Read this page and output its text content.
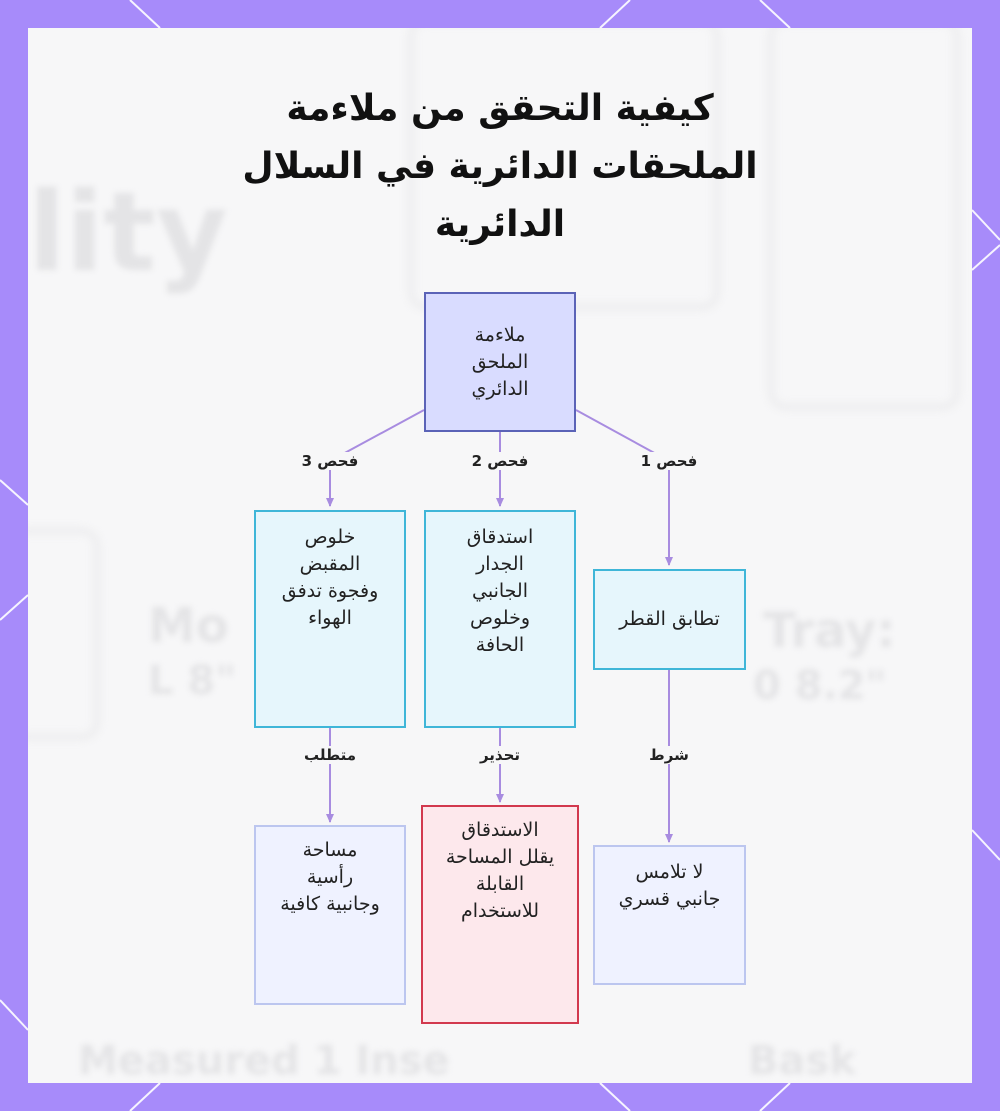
lity
Mo	Tray:
L 8"	0 8.2"
Measured 1 Inse	Bask
كيفية التحقق من ملاءمة
الملحقات الدائرية في السلال
الدائرية
ملاءمة الملحق الدائري
فحص 3	فحص 2	فحص 1
خلوص المقبض وفجوة تدفق الهواء
استدقاق الجدار الجانبي وخلوص الحافة
تطابق القطر
متطلب	تحذير	شرط
مساحة رأسية وجانبية كافية
الاستدقاق يقلل المساحة القابلة للاستخدام
لا تلامس جانبي قسري
